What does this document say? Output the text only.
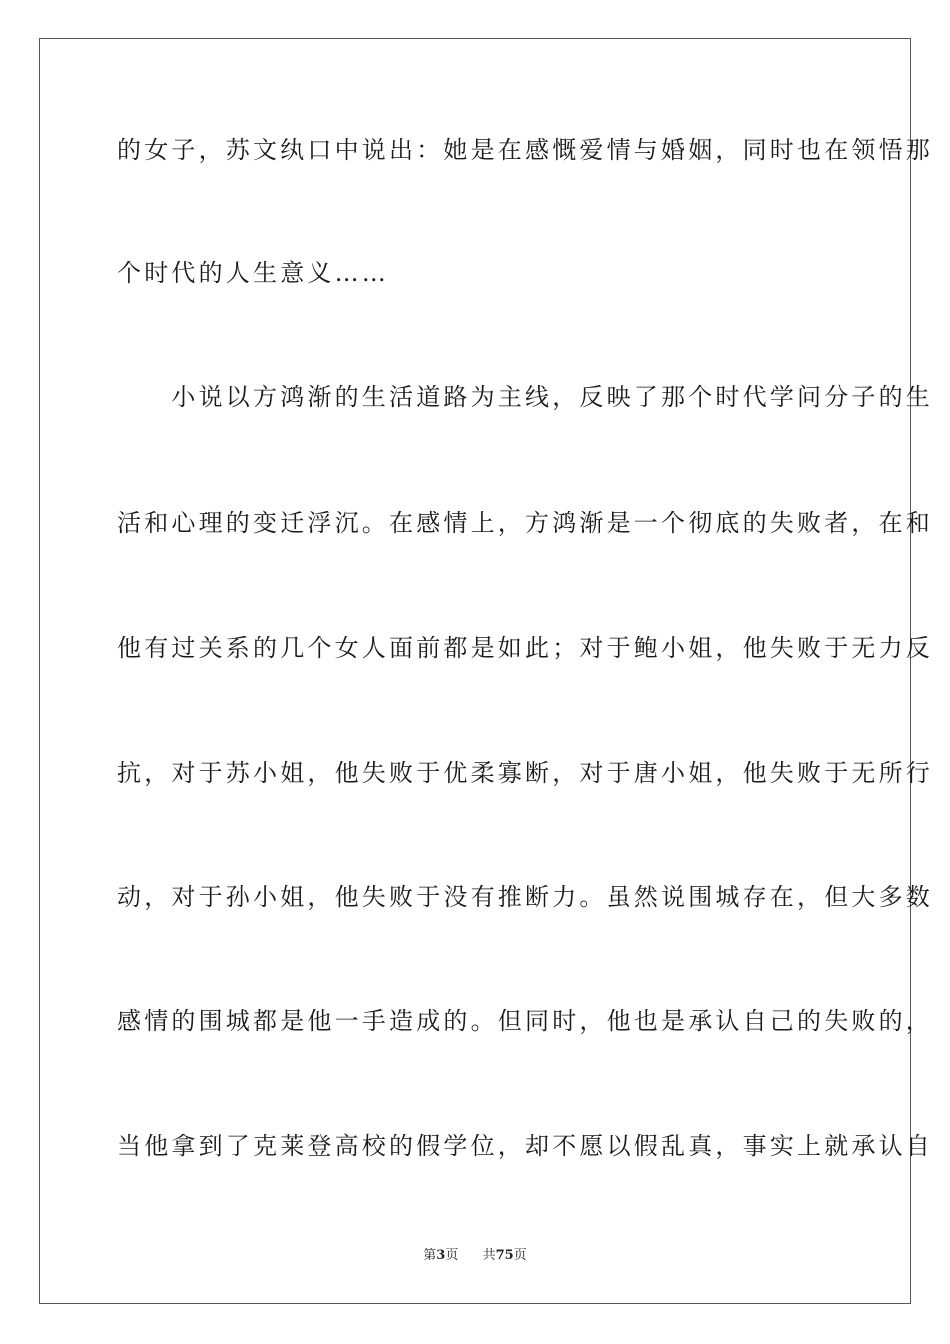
的女子，苏文纨口中说出：她是在感慨爱情与婚姻，同时也在领悟那
个时代的人生意义……
　　小说以方鸿渐的生活道路为主线，反映了那个时代学问分子的生
活和心理的变迁浮沉。在感情上，方鸿渐是一个彻底的失败者，在和
他有过关系的几个女人面前都是如此；对于鲍小姐，他失败于无力反
抗，对于苏小姐，他失败于优柔寡断，对于唐小姐，他失败于无所行
动，对于孙小姐，他失败于没有推断力。虽然说围城存在，但大多数
感情的围城都是他一手造成的。但同时，他也是承认自己的失败的，
当他拿到了克莱登高校的假学位，却不愿以假乱真，事实上就承认自
第3页 共75页
